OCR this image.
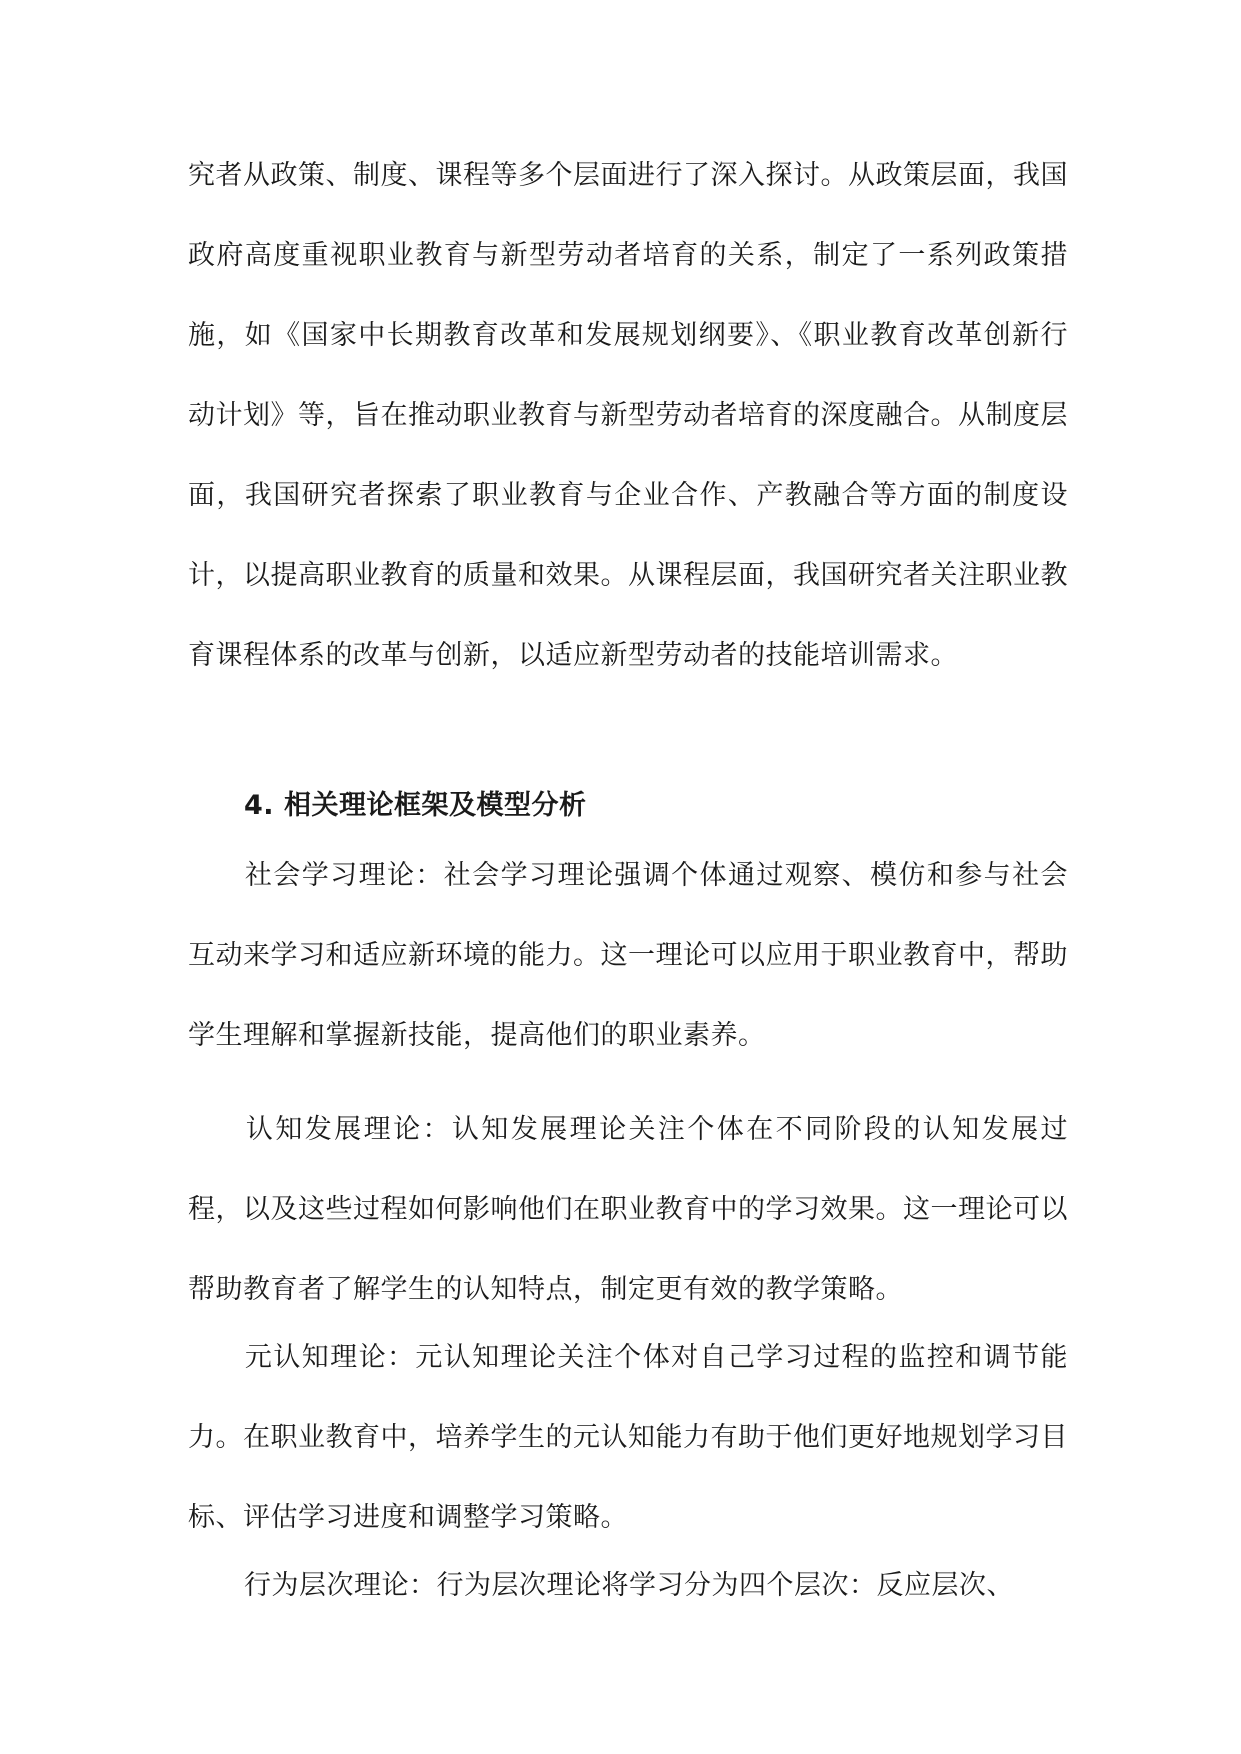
究者从政策、制度、课程等多个层面进行了深入探讨。从政策层面，我国政府高度重视职业教育与新型劳动者培育的关系，制定了一系列政策措施，如《国家中长期教育改革和发展规划纲要》、《职业教育改革创新行动计划》等，旨在推动职业教育与新型劳动者培育的深度融合。从制度层面，我国研究者探索了职业教育与企业合作、产教融合等方面的制度设计，以提高职业教育的质量和效果。从课程层面，我国研究者关注职业教育课程体系的改革与创新，以适应新型劳动者的技能培训需求。

4. 相关理论框架及模型分析

社会学习理论：社会学习理论强调个体通过观察、模仿和参与社会互动来学习和适应新环境的能力。这一理论可以应用于职业教育中，帮助学生理解和掌握新技能，提高他们的职业素养。

认知发展理论：认知发展理论关注个体在不同阶段的认知发展过程，以及这些过程如何影响他们在职业教育中的学习效果。这一理论可以帮助教育者了解学生的认知特点，制定更有效的教学策略。

元认知理论：元认知理论关注个体对自己学习过程的监控和调节能力。在职业教育中，培养学生的元认知能力有助于他们更好地规划学习目标、评估学习进度和调整学习策略。

行为层次理论：行为层次理论将学习分为四个层次：反应层次、
